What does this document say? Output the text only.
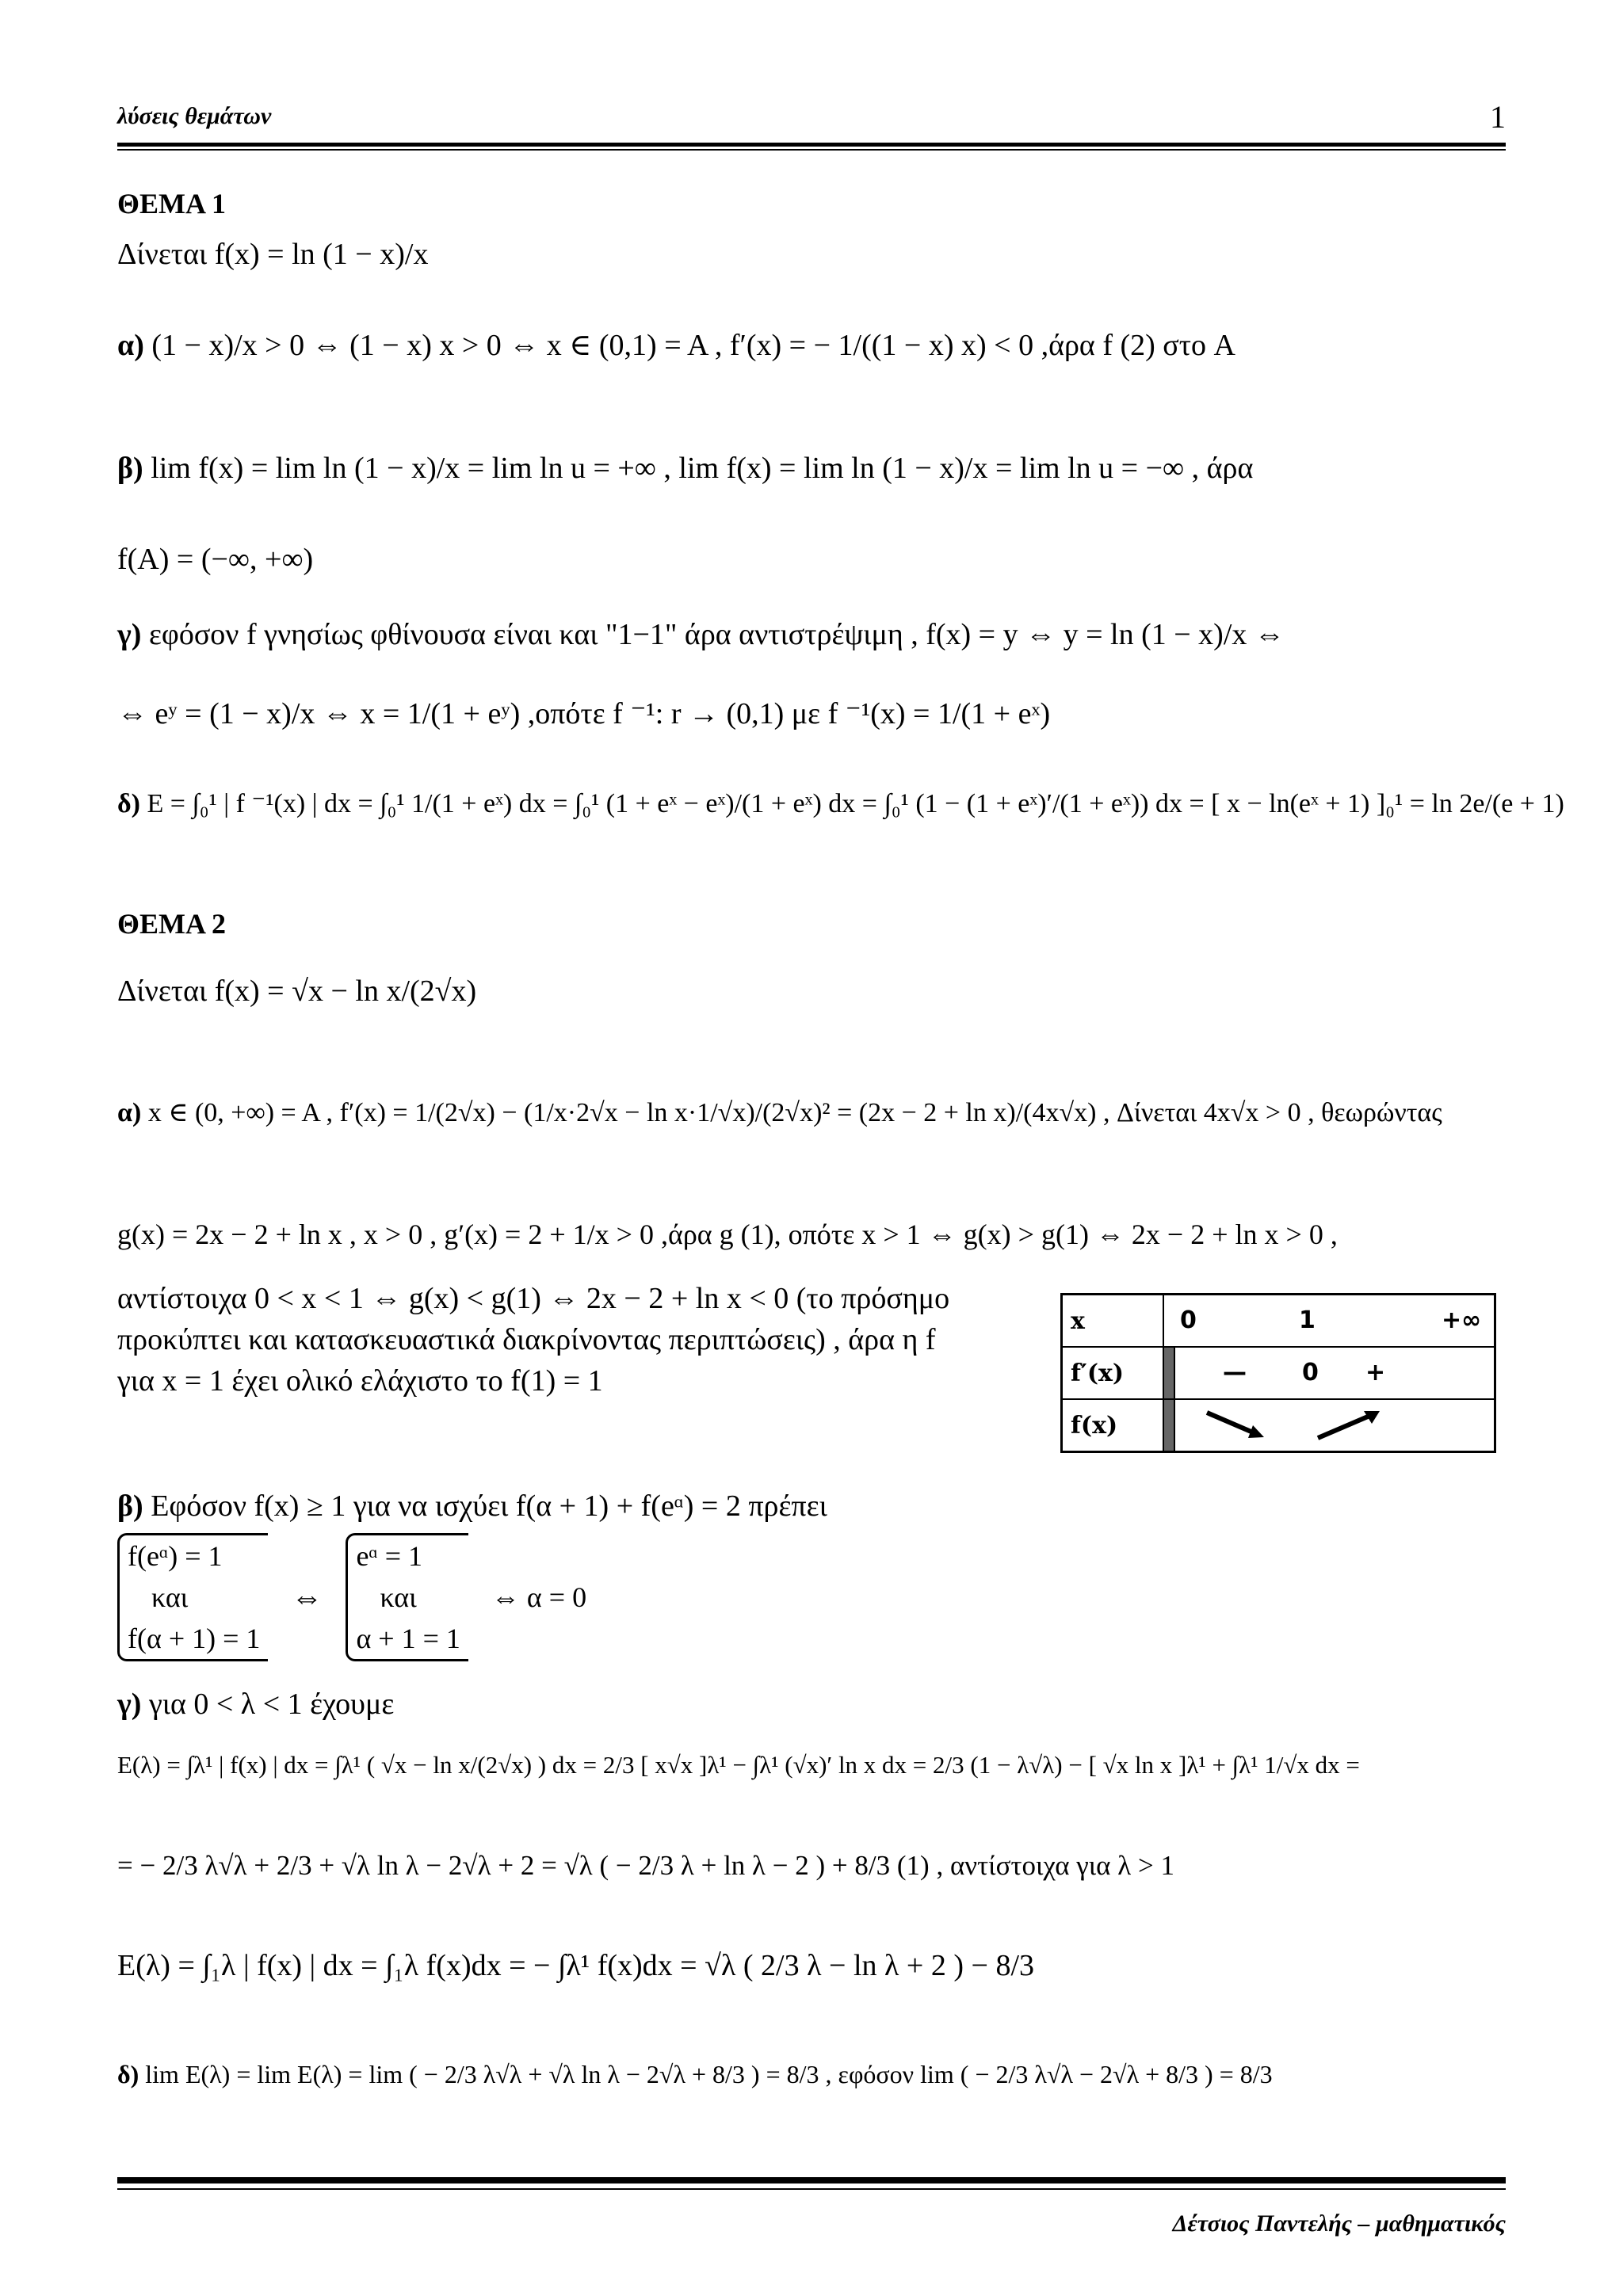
λύσεις θεμάτων	1
ΘΕΜΑ 1
Δίνεται f(x) = ln (1 − x)/x
α) (1 − x)/x > 0 ⇔ (1 − x) x > 0 ⇔ x ∈ (0,1) = A , f′(x) = − 1/((1 − x) x) < 0 ,άρα f (2) στο A
β) lim f(x) = lim ln (1 − x)/x = lim ln u = +∞ , lim f(x) = lim ln (1 − x)/x = lim ln u = −∞ , άρα
f(A) = (−∞, +∞)
γ) εφόσον f γνησίως φθίνουσα είναι και "1−1" άρα αντιστρέψιμη , f(x) = y ⇔ y = ln (1 − x)/x ⇔
⇔ eʸ = (1 − x)/x ⇔ x = 1/(1 + eʸ) ,οπότε f ⁻¹: r → (0,1) με f ⁻¹(x) = 1/(1 + eˣ)
δ) E = ∫₀¹ | f ⁻¹(x) | dx = ∫₀¹ 1/(1 + eˣ) dx = ∫₀¹ (1 + eˣ − eˣ)/(1 + eˣ) dx = ∫₀¹ (1 − (1 + eˣ)′/(1 + eˣ)) dx = [ x − ln(eˣ + 1) ]₀¹ = ln 2e/(e + 1)
ΘΕΜΑ 2
Δίνεται f(x) = √x − ln x/(2√x)
α) x ∈ (0, +∞) = A , f′(x) = 1/(2√x) − (1/x·2√x − ln x·1/√x)/(2√x)² = (2x − 2 + ln x)/(4x√x) , Δίνεται 4x√x > 0 , θεωρώντας
g(x) = 2x − 2 + ln x , x > 0 , g′(x) = 2 + 1/x > 0 ,άρα g (1), οπότε x > 1 ⇔ g(x) > g(1) ⇔ 2x − 2 + ln x > 0 ,
αντίστοιχα 0 < x < 1 ⇔ g(x) < g(1) ⇔ 2x − 2 + ln x < 0 (το πρόσημο
προκύπτει και κατασκευαστικά διακρίνοντας περιπτώσεις) , άρα η f
για x = 1 έχει ολικό ελάχιστο το f(1) = 1
x	0 1 +∞	

f′(x)		— 0 +

f(x)		
β) Εφόσον f(x) ≥ 1 για να ισχύει f(α + 1) + f(eᵅ) = 2 πρέπει
f(eᵅ) = 1
και
f(α + 1) = 1
⇔
eᵅ = 1
και
α + 1 = 1
⇔ α = 0
γ) για 0 < λ < 1 έχουμε
E(λ) = ∫λ¹ | f(x) | dx = ∫λ¹ ( √x − ln x/(2√x) ) dx = 2/3 [ x√x ]λ¹ − ∫λ¹ (√x)′ ln x dx = 2/3 (1 − λ√λ) − [ √x ln x ]λ¹ + ∫λ¹ 1/√x dx =
= − 2/3 λ√λ + 2/3 + √λ ln λ − 2√λ + 2 = √λ ( − 2/3 λ + ln λ − 2 ) + 8/3 (1) , αντίστοιχα για λ > 1
E(λ) = ∫₁λ | f(x) | dx = ∫₁λ f(x)dx = − ∫λ¹ f(x)dx = √λ ( 2/3 λ − ln λ + 2 ) − 8/3
δ) lim E(λ) = lim E(λ) = lim ( − 2/3 λ√λ + √λ ln λ − 2√λ + 8/3 ) = 8/3 , εφόσον lim ( − 2/3 λ√λ − 2√λ + 8/3 ) = 8/3
Δέτσιος Παντελής – μαθηματικός
